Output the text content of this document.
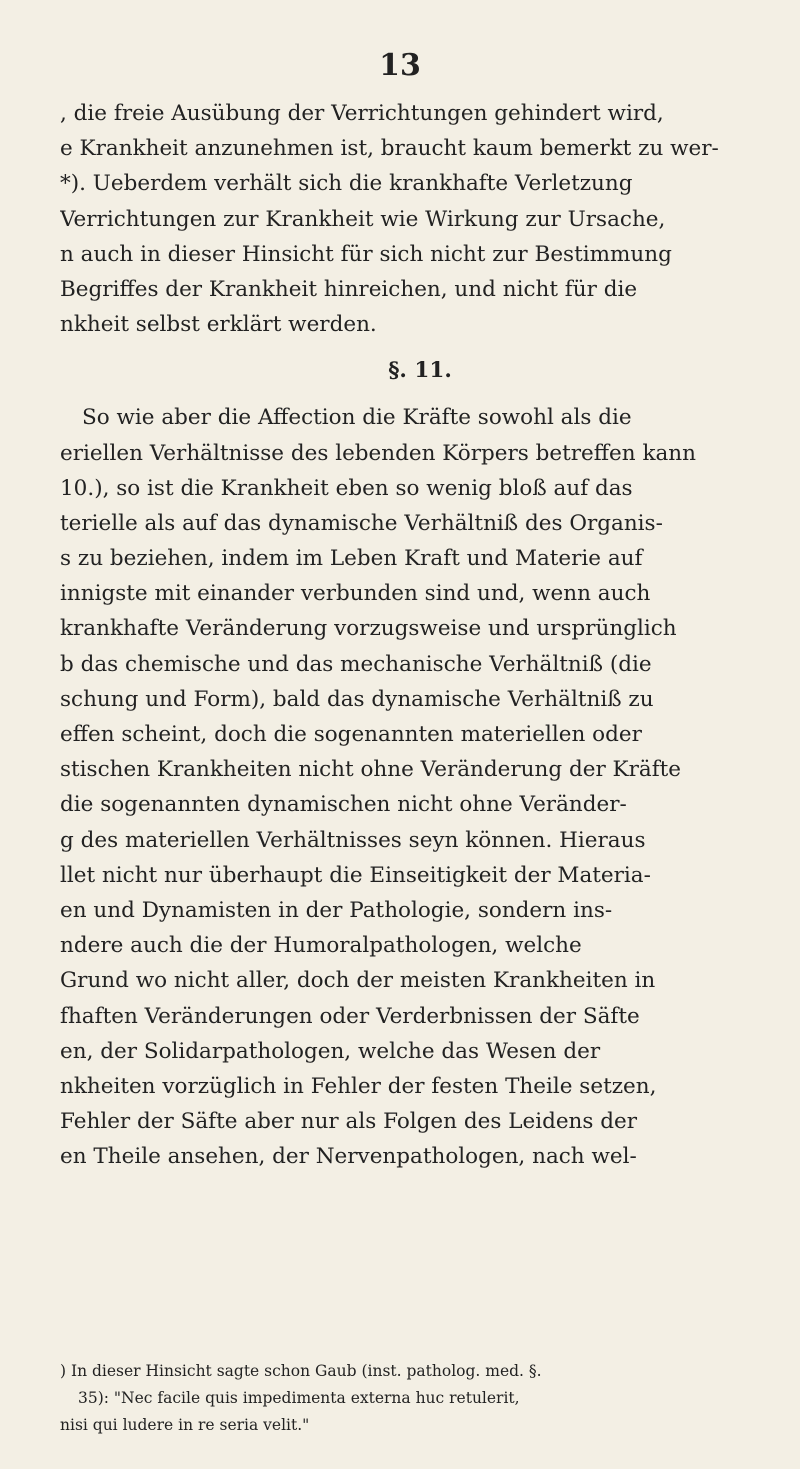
13
, die freie Ausübung der Verrichtungen gehindert wird,
e Krankheit anzunehmen ist, braucht kaum bemerkt zu wer-
*). Ueberdem verhält sich die krankhafte Verletzung
Verrichtungen zur Krankheit wie Wirkung zur Ursache,
n auch in dieser Hinsicht für sich nicht zur Bestimmung
Begriffes der Krankheit hinreichen, und nicht für die
nkheit selbst erklärt werden.
§. 11.
So wie aber die Affection die Kräfte sowohl als die
eriellen Verhältnisse des lebenden Körpers betreffen kann
10.), so ist die Krankheit eben so wenig bloß auf das
terielle als auf das dynamische Verhältniß des Organis-
s zu beziehen, indem im Leben Kraft und Materie auf
innigste mit einander verbunden sind und, wenn auch
krankhafte Veränderung vorzugsweise und ursprünglich
b das chemische und das mechanische Verhältniß (die
schung und Form), bald das dynamische Verhältniß zu
effen scheint, doch die sogenannten materiellen oder
stischen Krankheiten nicht ohne Veränderung der Kräfte
die sogenannten dynamischen nicht ohne Veränder-
g des materiellen Verhältnisses seyn können. Hieraus
llet nicht nur überhaupt die Einseitigkeit der Materia-
en und Dynamisten in der Pathologie, sondern ins-
ndere auch die der Humoralpathologen, welche
Grund wo nicht aller, doch der meisten Krankheiten in
fhaften Veränderungen oder Verderbnissen der Säfte
en, der Solidarpathologen, welche das Wesen der
nkheiten vorzüglich in Fehler der festen Theile setzen,
Fehler der Säfte aber nur als Folgen des Leidens der
en Theile ansehen, der Nervenpathologen, nach wel-
) In dieser Hinsicht sagte schon Gaub (inst. patholog. med. §.
35): "Nec facile quis impedimenta externa huc retulerit,
nisi qui ludere in re seria velit."
